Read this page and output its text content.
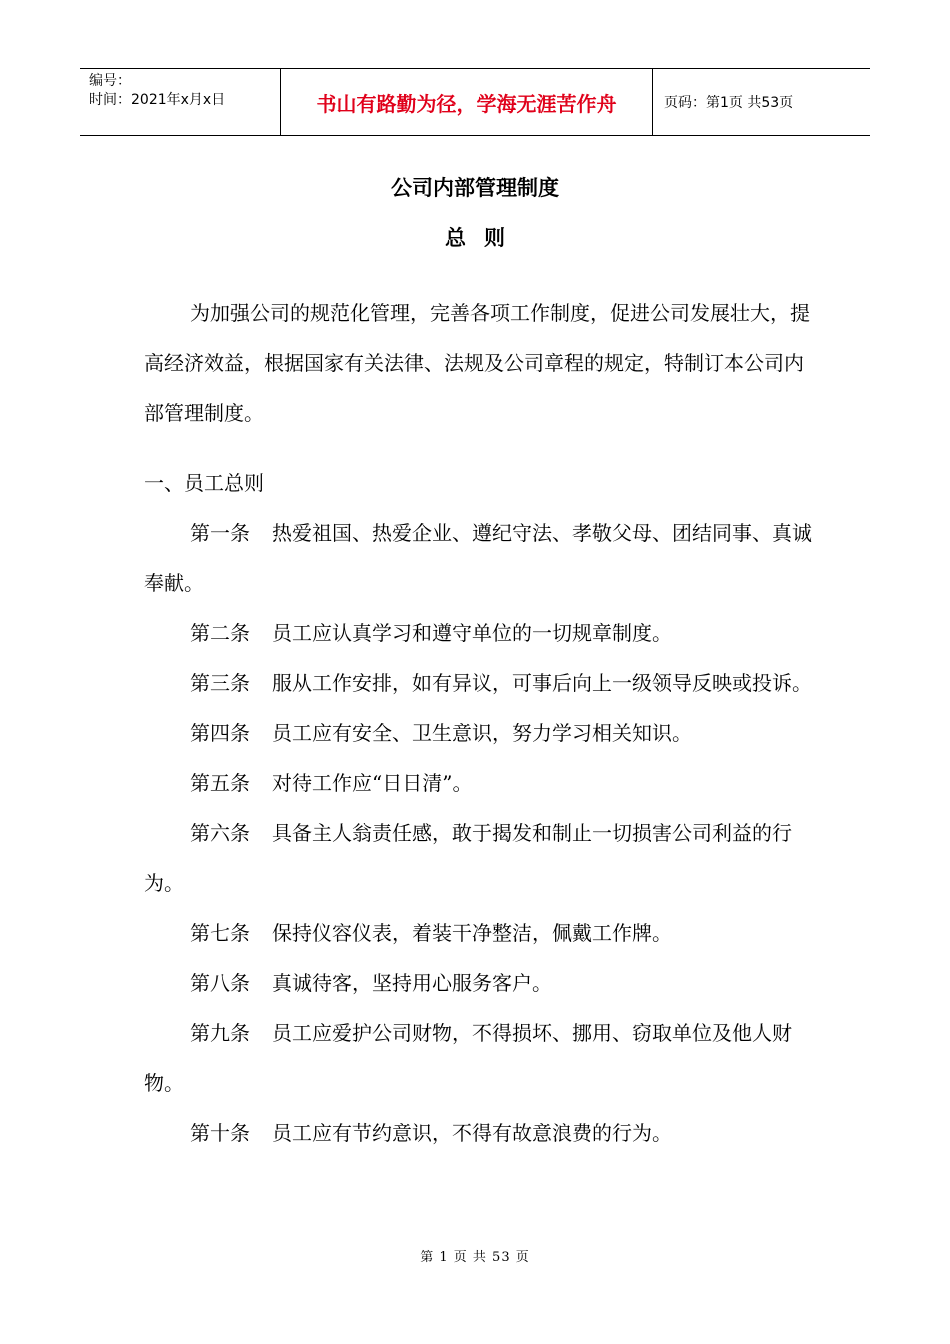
编号：
时间：2021年x月x日	书山有路勤为径，学海无涯苦作舟	页码：第1页 共53页
公司内部管理制度
总则

为加强公司的规范化管理，完善各项工作制度，促进公司发展壮大，提高经济效益，根据国家有关法律、法规及公司章程的规定，特制订本公司内部管理制度。

一、员工总则

第一条 热爱祖国、热爱企业、遵纪守法、孝敬父母、团结同事、真诚奉献。

第二条 员工应认真学习和遵守单位的一切规章制度。

第三条 服从工作安排，如有异议，可事后向上一级领导反映或投诉。

第四条 员工应有安全、卫生意识，努力学习相关知识。

第五条 对待工作应“日日清”。

第六条 具备主人翁责任感，敢于揭发和制止一切损害公司利益的行为。

第七条 保持仪容仪表，着装干净整洁，佩戴工作牌。

第八条 真诚待客，坚持用心服务客户。

第九条 员工应爱护公司财物，不得损坏、挪用、窃取单位及他人财物。

第十条 员工应有节约意识，不得有故意浪费的行为。

第 1 页 共 53 页
